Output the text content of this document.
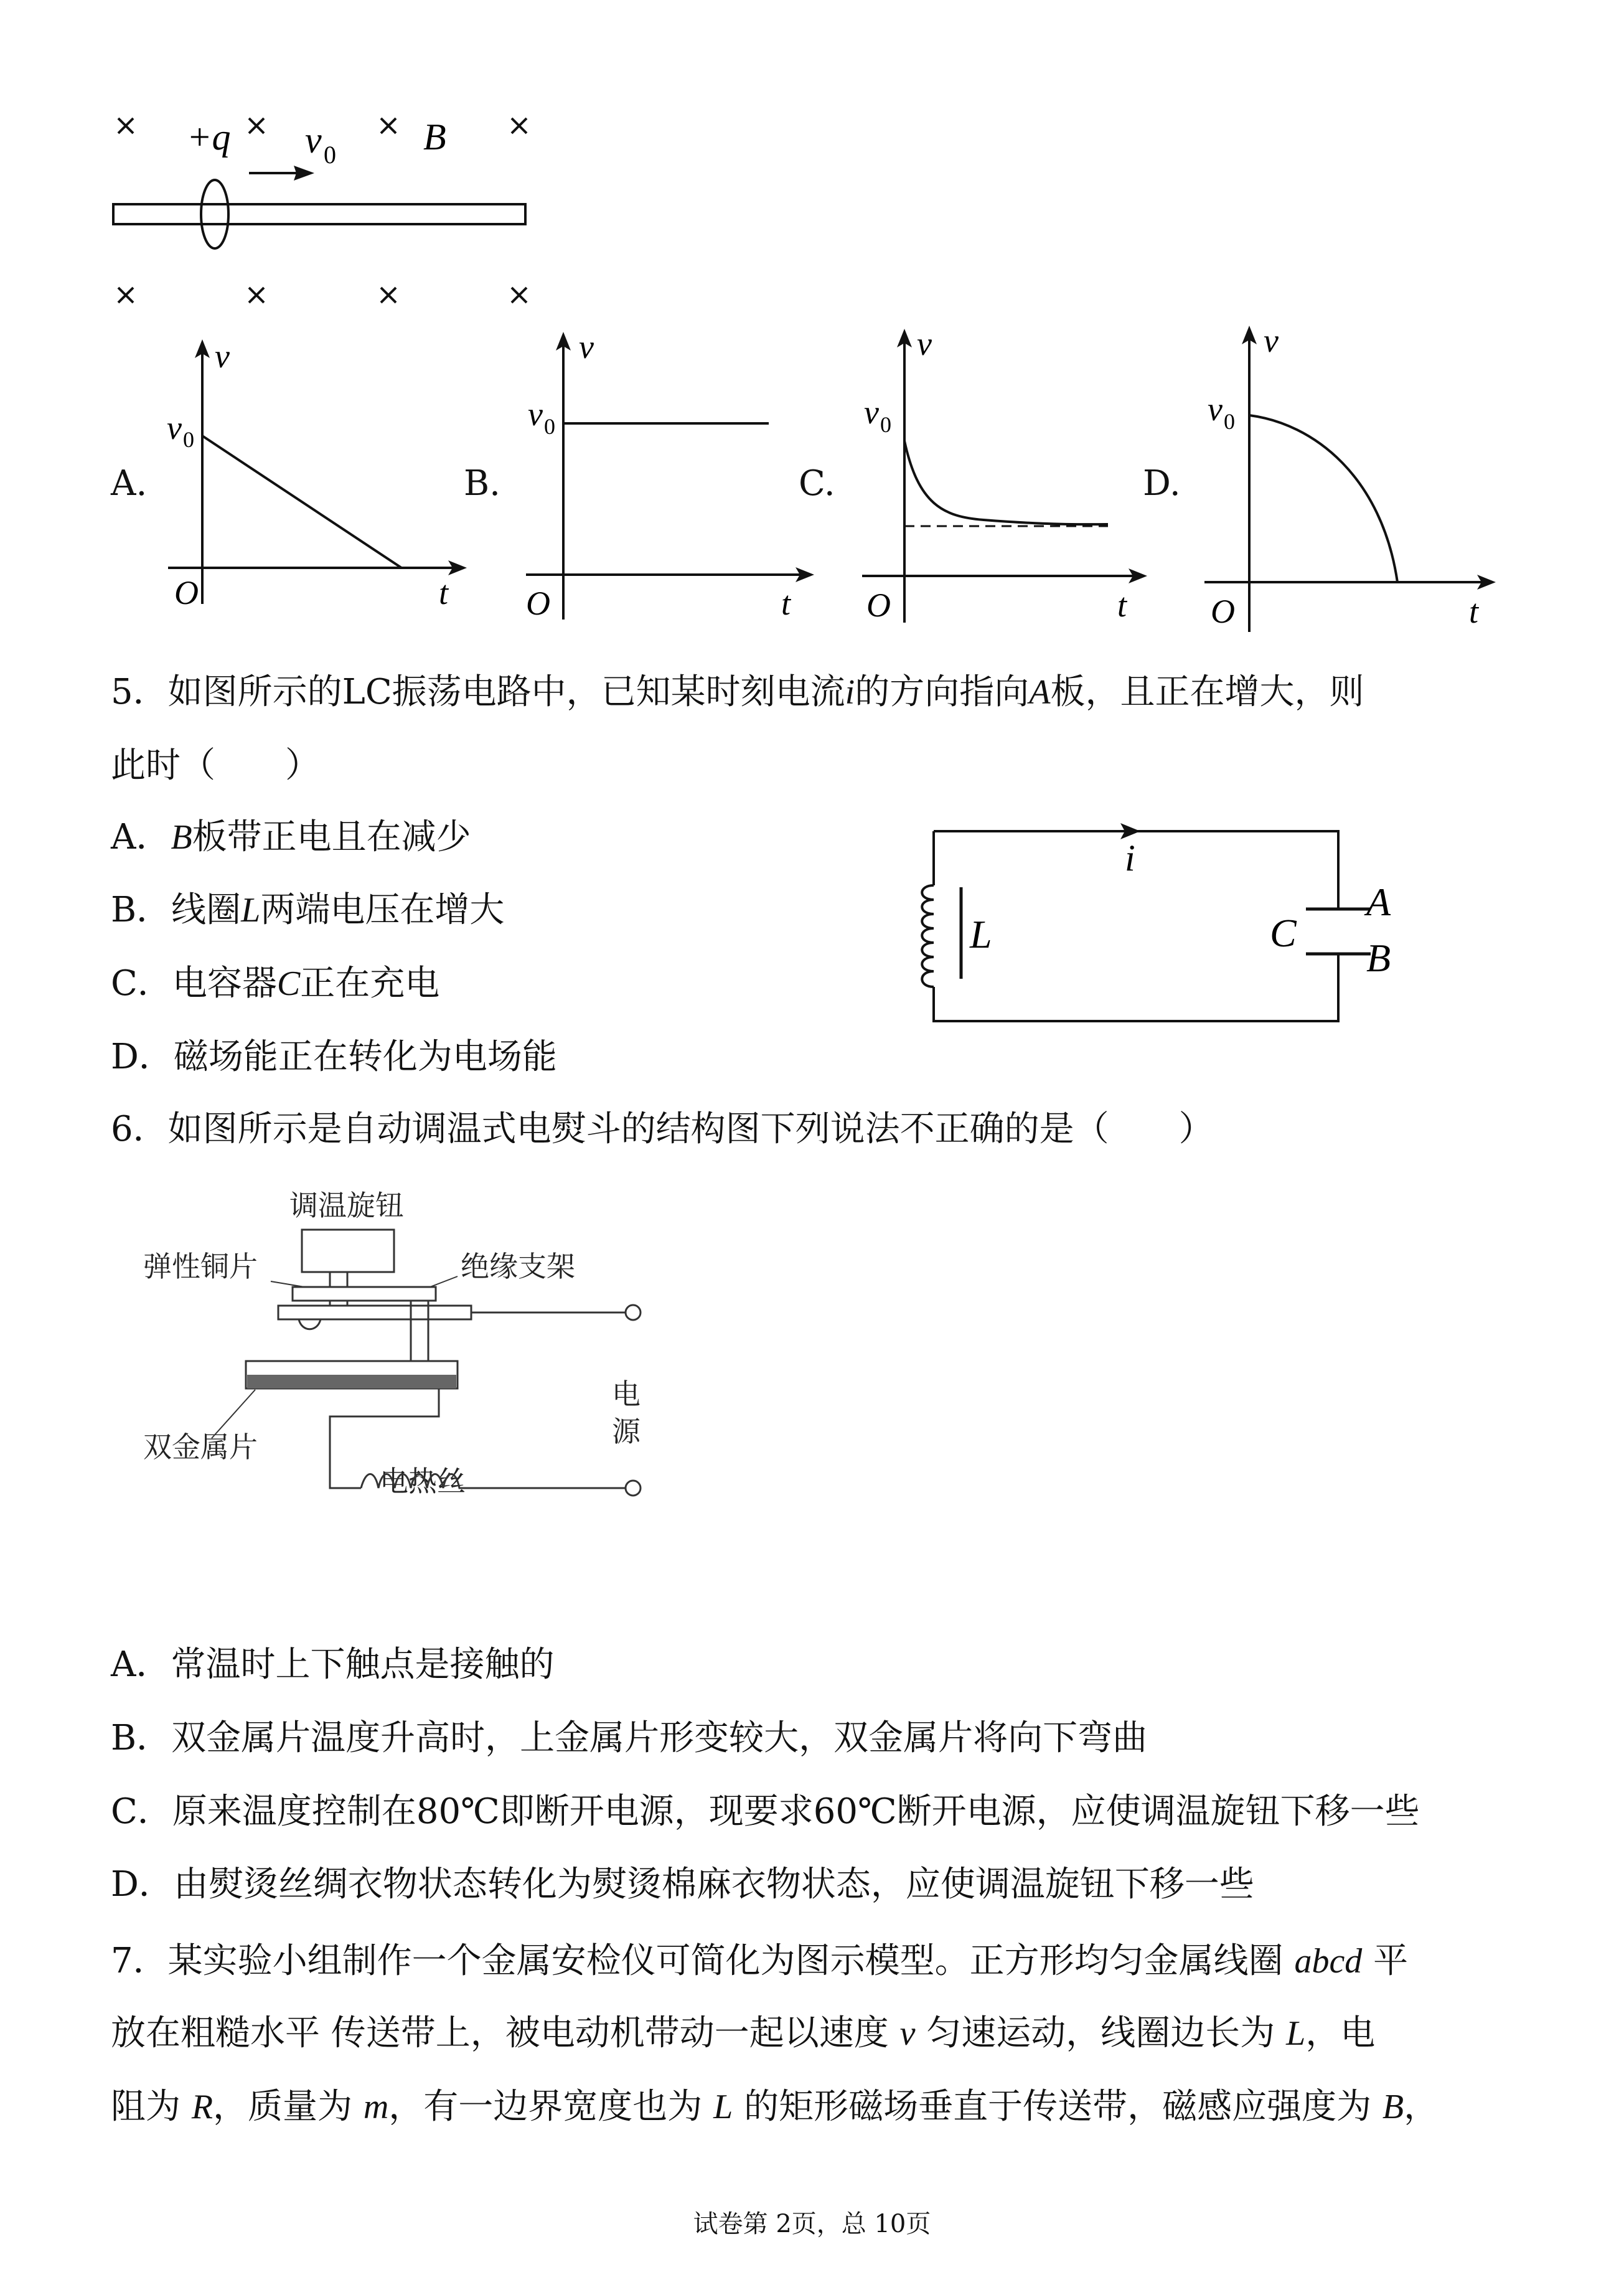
+q v 0 B
A.
v
t
O
v 0
B.
v
t
O
v 0
C.
v
t
O
v 0
D.
v
t
O
v 0
5．如图所示的LC振荡电路中，已知某时刻电流i的方向指向A板，且正在增大，则
此时（　　）
A．B板带正电且在减少
B．线圈L两端电压在增大
C．电容器C正在充电
D．磁场能正在转化为电场能
i
L	C
A
B
6．如图所示是自动调温式电熨斗的结构图下列说法不正确的是（　　）
调温旋钮
弹性铜片	绝缘支架
双金属片
电热丝
电
源
A．常温时上下触点是接触的
B．双金属片温度升高时，上金属片形变较大，双金属片将向下弯曲
C．原来温度控制在80℃即断开电源，现要求60℃断开电源，应使调温旋钮下移一些
D．由熨烫丝绸衣物状态转化为熨烫棉麻衣物状态，应使调温旋钮下移一些
7．某实验小组制作一个金属安检仪可简化为图示模型。正方形均匀金属线圈 abcd 平
放在粗糙水平 传送带上，被电动机带动一起以速度 v 匀速运动，线圈边长为 L，电
阻为 R，质量为 m，有一边界宽度也为 L 的矩形磁场垂直于传送带，磁感应强度为 B，
试卷第 2页，总 10页
